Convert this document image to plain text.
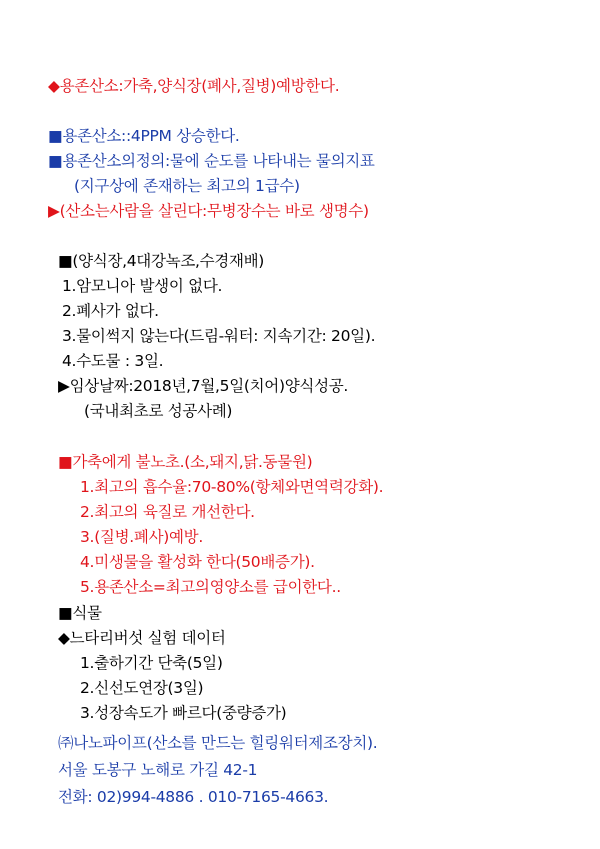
◆용존산소:가축,양식장(폐사,질병)예방한다.
■용존산소::4PPM 상승한다.
■용존산소의정의:물에 순도를 나타내는 물의지표
(지구상에 존재하는 최고의 1급수)
▶(산소는사람을 살린다:무병장수는 바로 생명수)
■(양식장,4대강녹조,수경재배)
1.암모니아 발생이 없다.
2.폐사가 없다.
3.물이썩지 않는다(드림-워터: 지속기간: 20일).
4.수도물 : 3일.
▶임상날짜:2018년,7월,5일(치어)양식성공.
(국내최초로 성공사례)
■가축에게 불노초.(소,돼지,닭.동물원)
1.최고의 흡수율:70-80%(항체와면역력강화).
2.최고의 육질로 개선한다.
3.(질병.폐사)예방.
4.미생물을 활성화 한다(50배증가).
5.용존산소=최고의영양소를 급이한다..
■식물
◆느타리버섯 실험 데이터
1.출하기간 단축(5일)
2.신선도연장(3일)
3.성장속도가 빠르다(중량증가)
㈜나노파이프(산소를 만드는 힐링워터제조장치).
서울 도봉구 노해로 가길 42-1
전화: 02)994-4886 . 010-7165-4663.
